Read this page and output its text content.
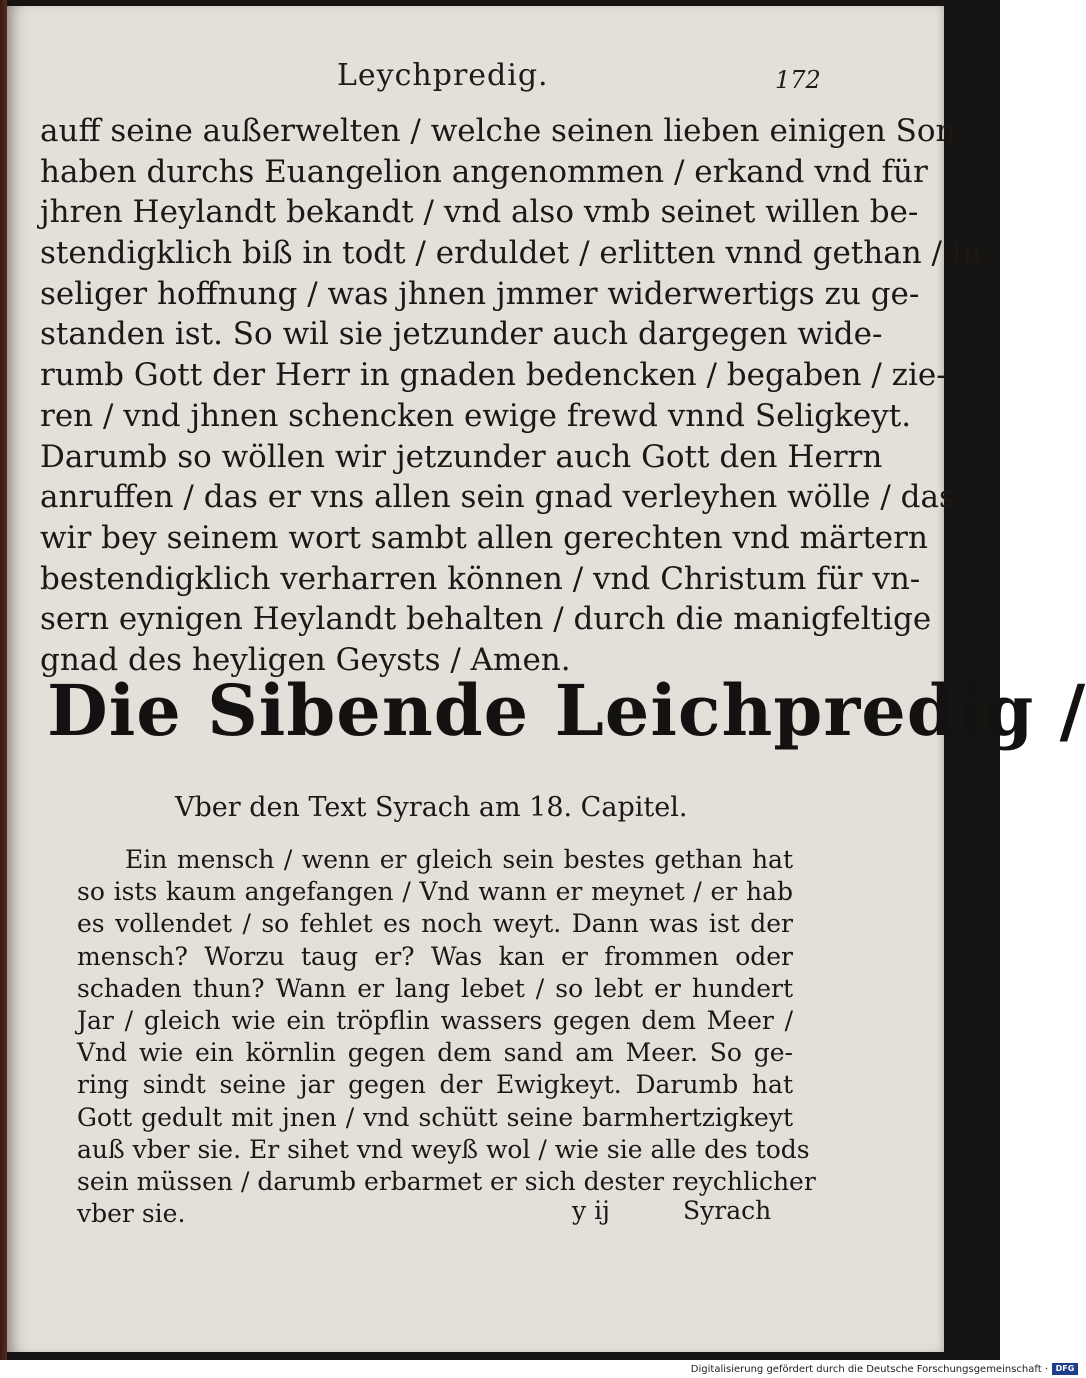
Leychpredig.	172
auff seine außerwelten / welche seinen lieben einigen Son
haben durchs Euangelion angenommen / erkand vnd für
jhren Heylandt bekandt / vnd also vmb seinet willen be-
stendigklich biß in todt / erduldet / erlitten vnnd gethan / in
seliger hoffnung / was jhnen jmmer widerwertigs zu ge-
standen ist. So wil sie jetzunder auch dargegen wide-
rumb Gott der Herr in gnaden bedencken / begaben / zie-
ren / vnd jhnen schencken ewige frewd vnnd Seligkeyt.
Darumb so wöllen wir jetzunder auch Gott den Herrn
anruffen / das er vns allen sein gnad verleyhen wölle / das
wir bey seinem wort sambt allen gerechten vnd märtern
bestendigklich verharren können / vnd Christum für vn-
sern eynigen Heylandt behalten / durch die manigfeltige
gnad des heyligen Geysts / Amen.
Die Sibende Leichpredig /
Vber den Text Syrach am 18. Capitel.
Ein mensch / wenn er gleich sein bestes gethan hat
so ists kaum angefangen / Vnd wann er meynet / er hab
es vollendet / so fehlet es noch weyt. Dann was ist der
mensch? Worzu taug er? Was kan er frommen oder
schaden thun? Wann er lang lebet / so lebt er hundert
Jar / gleich wie ein tröpflin wassers gegen dem Meer /
Vnd wie ein körnlin gegen dem sand am Meer. So ge-
ring sindt seine jar gegen der Ewigkeyt. Darumb hat
Gott gedult mit jnen / vnd schütt seine barmhertzigkeyt
auß vber sie. Er sihet vnd weyß wol / wie sie alle des tods
sein müssen / darumb erbarmet er sich dester reychlicher
vber sie.	y ij	Syrach
Digitalisierung gefördert durch die Deutsche Forschungsgemeinschaft · DFG
